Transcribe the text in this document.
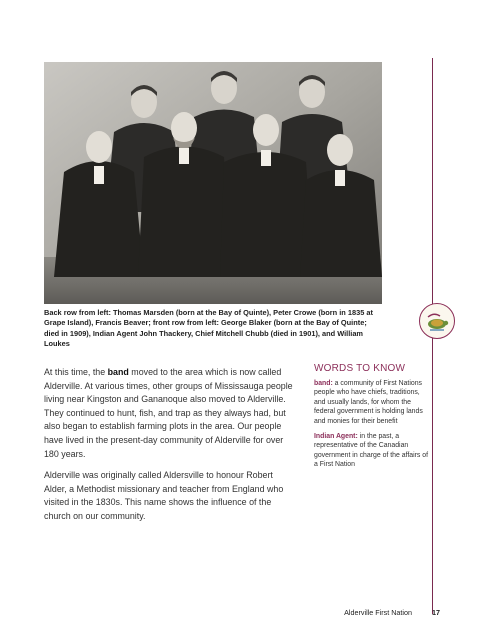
Back row from left: Thomas Marsden (born at the Bay of Quinte), Peter Crowe (born in 1835 at Grape Island), Francis Beaver; front row from left: George Blaker (born at the Bay of Quinte; died in 1909), Indian Agent John Thackery, Chief Mitchell Chubb (died in 1901), and William Loukes

At this time, the band moved to the area which is now called Alderville. At various times, other groups of Mississauga people living near Kingston and Gananoque also moved to Alderville. They continued to hunt, fish, and trap as they always had, but also began to establish farming plots in the area. Our people have lived in the present-day community of Alderville for over 180 years.

Alderville was originally called Aldersville to honour Robert Alder, a Methodist missionary and teacher from England who visited in the 1830s. This name shows the influence of the church on our community.

WORDS TO KNOW

band: a community of First Nations people who have chiefs, traditions, and usually lands, for whom the federal government is holding lands and monies for their benefit

Indian Agent: in the past, a representative of the Canadian government in charge of the affairs of a First Nation

Alderville First Nation	17
